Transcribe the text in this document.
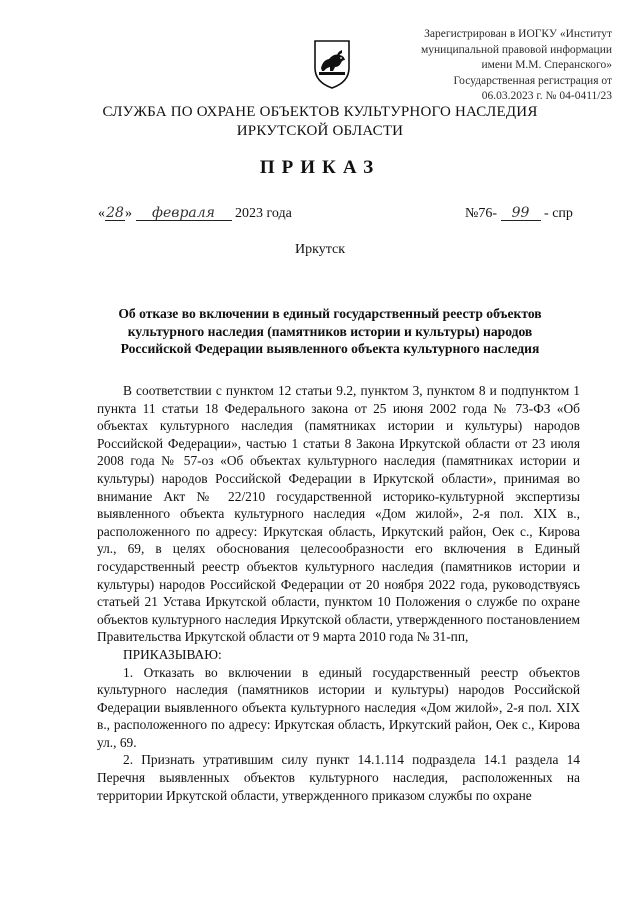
Зарегистрирован в ИОГКУ «Институт
муниципальной правовой информации
имени М.М. Сперанского»
Государственная регистрация от
06.03.2023 г. № 04-0411/23
СЛУЖБА ПО ОХРАНЕ ОБЪЕКТОВ КУЛЬТУРНОГО НАСЛЕДИЯ
ИРКУТСКОЙ ОБЛАСТИ
ПРИКАЗ
«28» февраля 2023 года	№76- 99 - спр
Иркутск
Об отказе во включении в единый государственный реестр объектов
культурного наследия (памятников истории и культуры) народов
Российской Федерации выявленного объекта культурного наследия

В соответствии с пунктом 12 статьи 9.2, пунктом 3, пунктом 8 и подпунктом 1 пункта 11 статьи 18 Федерального закона от 25 июня 2002 года № 73-ФЗ «Об объектах культурного наследия (памятниках истории и культуры) народов Российской Федерации», частью 1 статьи 8 Закона Иркутской области от 23 июля 2008 года № 57-оз «Об объектах культурного наследия (памятниках истории и культуры) народов Российской Федерации в Иркутской области», принимая во внимание Акт № 22/210 государственной историко-культурной экспертизы выявленного объекта культурного наследия «Дом жилой», 2-я пол. XIX в., расположенного по адресу: Иркутская область, Иркутский район, Оек с., Кирова ул., 69, в целях обоснования целесообразности его включения в Единый государственный реестр объектов культурного наследия (памятников истории и культуры) народов Российской Федерации от 20 ноября 2022 года, руководствуясь статьей 21 Устава Иркутской области, пунктом 10 Положения о службе по охране объектов культурного наследия Иркутской области, утвержденного постановлением Правительства Иркутской области от 9 марта 2010 года № 31-пп,

ПРИКАЗЫВАЮ:

1. Отказать во включении в единый государственный реестр объектов культурного наследия (памятников истории и культуры) народов Российской Федерации выявленного объекта культурного наследия «Дом жилой», 2-я пол. XIX в., расположенного по адресу: Иркутская область, Иркутский район, Оек с., Кирова ул., 69.

2. Признать утратившим силу пункт 14.1.114 подраздела 14.1 раздела 14 Перечня выявленных объектов культурного наследия, расположенных на территории Иркутской области, утвержденного приказом службы по охране
